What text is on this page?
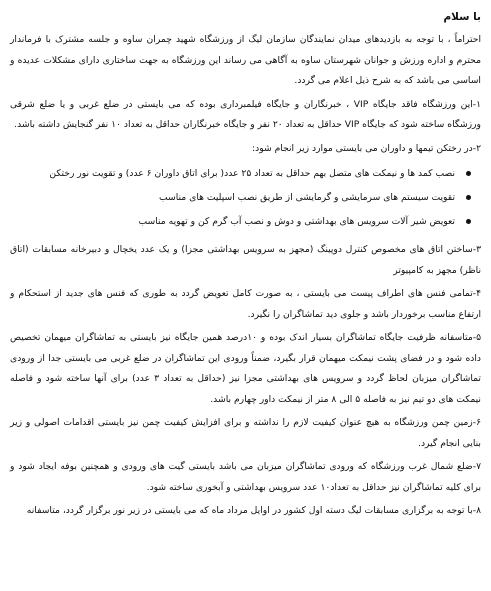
با سلام

احتراماً ، با توجه به بازدیدهای میدان نمایندگان سازمان لیگ از ورزشگاه شهید چمران ساوه و جلسه مشترک با فرماندار محترم و اداره ورزش و جوانان شهرستان ساوه به آگاهی می رساند این ورزشگاه به جهت ساختاری دارای مشکلات عدیده و اساسی می باشد که به شرح ذیل اعلام می گردد.

۱-این ورزشگاه فاقد جایگاه VIP ، خبرنگاران و جایگاه فیلمبرداری بوده که می بایستی در ضلع غربی و یا ضلع شرقی ورزشگاه ساخته شود که جایگاه VIP حداقل به تعداد ۲۰ نفر و جایگاه خبرنگاران حداقل به تعداد ۱۰ نفر گنجایش داشته باشد.

۲-در رختکن تیمها و داوران می بایستی موارد زیر انجام شود:

نصب کمد ها و نیمکت های متصل بهم حداقل به تعداد ۲۵ عدد( برای اتاق داوران ۶ عدد) و تقویت نور رختکن
تقویت سیستم های سرمایشی و گرمایشی از طریق نصب اسپلیت های مناسب
تعویض شیر آلات سرویس های بهداشتی و دوش و نصب آب گرم کن و تهویه مناسب

۳-ساختن اتاق های مخصوص کنترل دوپینگ (مجهز به سرویس بهداشتی مجزا) و یک عدد یخچال و دبیرخانه مسابقات (اتاق ناظر) مجهز به کامپیوتر

۴-تمامی فنس های اطراف پیست می بایستی ، به صورت کامل تعویض گردد به طوری که فنس های جدید از استحکام و ارتفاع مناسب برخوردار باشد و جلوی دید تماشاگران را نگیرد.

۵-متاسفانه ظرفیت جایگاه تماشاگران بسیار اندک بوده و ۱۰درصد همین جایگاه نیز بایستی به تماشاگران میهمان تخصیص داده شود و در فضای پشت نیمکت میهمان قرار بگیرد، ضمناً ورودی این تماشاگران در ضلع غربی می بایستی جدا از ورودی تماشاگران میزبان لحاظ گردد و سرویس های بهداشتی مجزا نیز (حداقل به تعداد ۳ عدد) برای آنها ساخته شود و فاصله نیمکت های دو تیم نیز به فاصله ۵ الی ۸ متر از نیمکت داور چهارم باشد.

۶-زمین چمن ورزشگاه به هیچ عنوان کیفیت لازم را نداشته و برای افزایش کیفیت چمن نیز بایستی اقدامات اصولی و زیر بنایی انجام گیرد.

۷-ضلع شمال غرب ورزشگاه که ورودی تماشاگران میزبان می باشد بایستی گیت های ورودی و همچنین بوفه ایجاد شود و برای کلیه تماشاگران نیز حداقل به تعداد۱۰ عدد سرویس بهداشتی و آبخوری ساخته شود.

۸-با توجه به برگزاری مسابقات لیگ دسته اول کشور در اوایل مرداد ماه که می بایستی در زیر نور برگزار گردد، متاسفانه
